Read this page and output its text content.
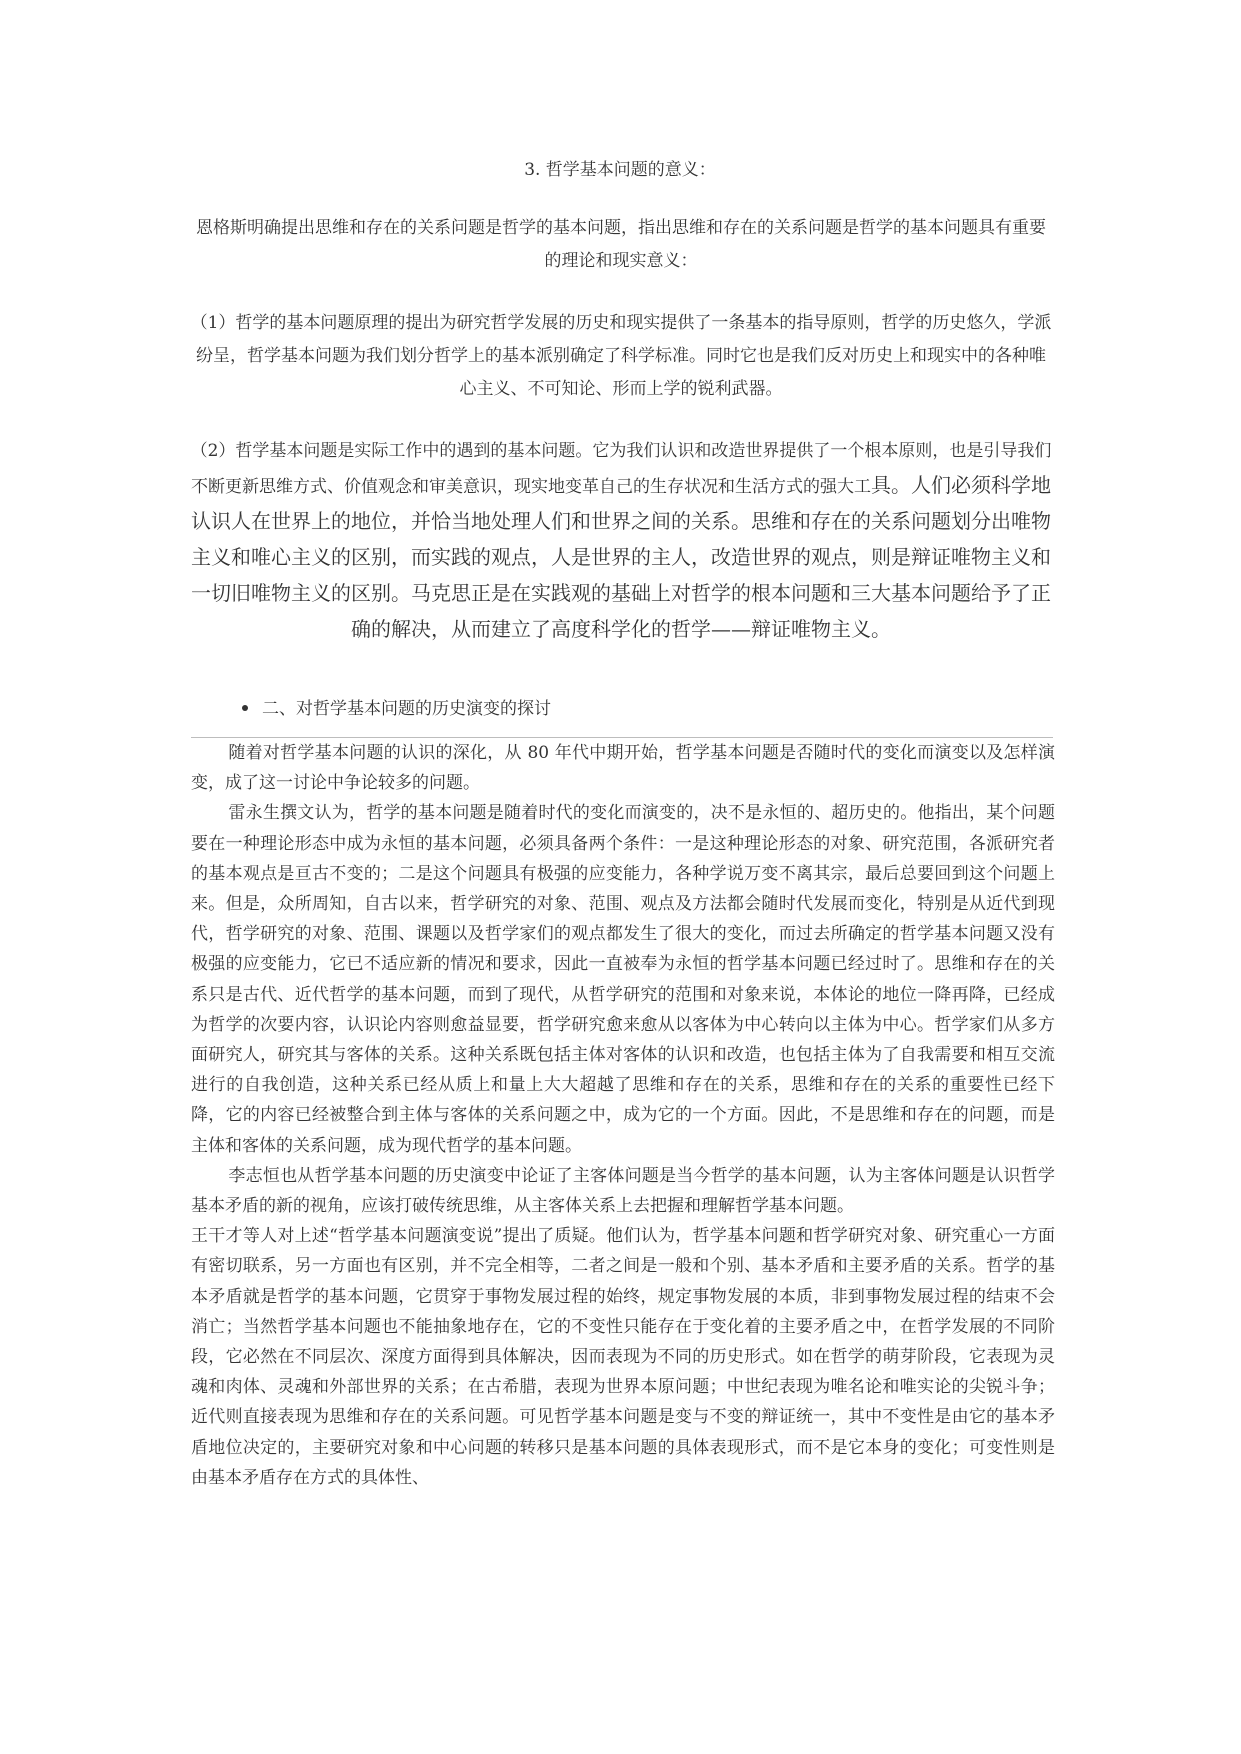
3. 哲学基本问题的意义：
恩格斯明确提出思维和存在的关系问题是哲学的基本问题，指出思维和存在的关系问题是哲学的基本问题具有重要的理论和现实意义：
（1）哲学的基本问题原理的提出为研究哲学发展的历史和现实提供了一条基本的指导原则，哲学的历史悠久，学派纷呈，哲学基本问题为我们划分哲学上的基本派别确定了科学标准。同时它也是我们反对历史上和现实中的各种唯心主义、不可知论、形而上学的锐利武器。
（2）哲学基本问题是实际工作中的遇到的基本问题。它为我们认识和改造世界提供了一个根本原则，也是引导我们不断更新思维方式、价值观念和审美意识，现实地变革自己的生存状况和生活方式的强大工具。人们必须科学地认识人在世界上的地位，并恰当地处理人们和世界之间的关系。思维和存在的关系问题划分出唯物主义和唯心主义的区别，而实践的观点，人是世界的主人，改造世界的观点，则是辩证唯物主义和一切旧唯物主义的区别。马克思正是在实践观的基础上对哲学的根本问题和三大基本问题给予了正确的解决，从而建立了高度科学化的哲学——辩证唯物主义。
二、对哲学基本问题的历史演变的探讨

随着对哲学基本问题的认识的深化，从 80 年代中期开始，哲学基本问题是否随时代的变化而演变以及怎样演变，成了这一讨论中争论较多的问题。

雷永生撰文认为，哲学的基本问题是随着时代的变化而演变的，决不是永恒的、超历史的。他指出，某个问题要在一种理论形态中成为永恒的基本问题，必须具备两个条件：一是这种理论形态的对象、研究范围，各派研究者的基本观点是亘古不变的；二是这个问题具有极强的应变能力，各种学说万变不离其宗，最后总要回到这个问题上来。但是，众所周知，自古以来，哲学研究的对象、范围、观点及方法都会随时代发展而变化，特别是从近代到现代，哲学研究的对象、范围、课题以及哲学家们的观点都发生了很大的变化，而过去所确定的哲学基本问题又没有极强的应变能力，它已不适应新的情况和要求，因此一直被奉为永恒的哲学基本问题已经过时了。思维和存在的关系只是古代、近代哲学的基本问题，而到了现代，从哲学研究的范围和对象来说，本体论的地位一降再降，已经成为哲学的次要内容，认识论内容则愈益显要，哲学研究愈来愈从以客体为中心转向以主体为中心。哲学家们从多方面研究人，研究其与客体的关系。这种关系既包括主体对客体的认识和改造，也包括主体为了自我需要和相互交流进行的自我创造，这种关系已经从质上和量上大大超越了思维和存在的关系，思维和存在的关系的重要性已经下降，它的内容已经被整合到主体与客体的关系问题之中，成为它的一个方面。因此，不是思维和存在的问题，而是主体和客体的关系问题，成为现代哲学的基本问题。

李志恒也从哲学基本问题的历史演变中论证了主客体问题是当今哲学的基本问题，认为主客体问题是认识哲学基本矛盾的新的视角，应该打破传统思维，从主客体关系上去把握和理解哲学基本问题。

王干才等人对上述“哲学基本问题演变说”提出了质疑。他们认为，哲学基本问题和哲学研究对象、研究重心一方面有密切联系，另一方面也有区别，并不完全相等，二者之间是一般和个别、基本矛盾和主要矛盾的关系。哲学的基本矛盾就是哲学的基本问题，它贯穿于事物发展过程的始终，规定事物发展的本质，非到事物发展过程的结束不会消亡；当然哲学基本问题也不能抽象地存在，它的不变性只能存在于变化着的主要矛盾之中，在哲学发展的不同阶段，它必然在不同层次、深度方面得到具体解决，因而表现为不同的历史形式。如在哲学的萌芽阶段，它表现为灵魂和肉体、灵魂和外部世界的关系；在古希腊，表现为世界本原问题；中世纪表现为唯名论和唯实论的尖锐斗争；近代则直接表现为思维和存在的关系问题。可见哲学基本问题是变与不变的辩证统一，其中不变性是由它的基本矛盾地位决定的，主要研究对象和中心问题的转移只是基本问题的具体表现形式，而不是它本身的变化；可变性则是由基本矛盾存在方式的具体性、
